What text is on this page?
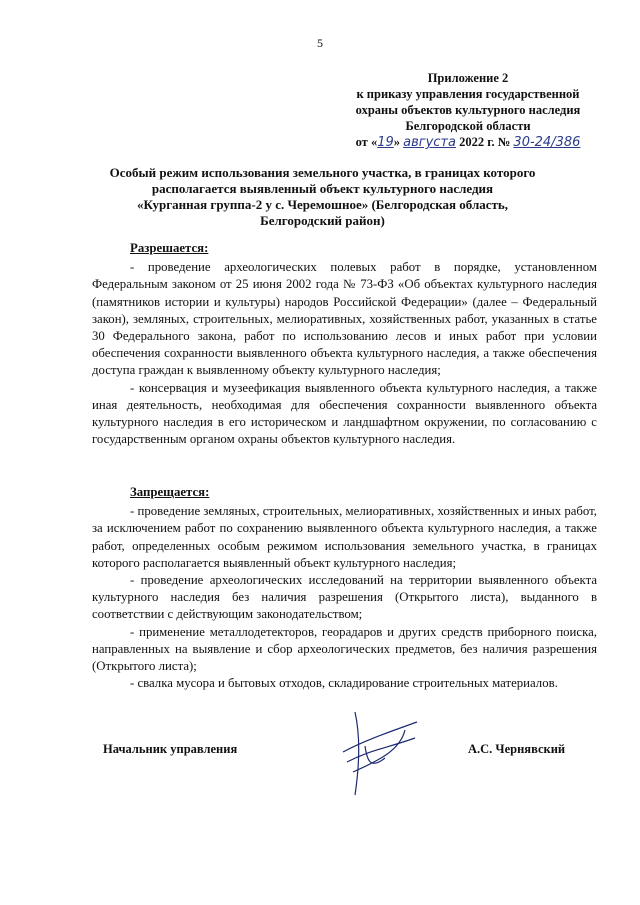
5
Приложение 2
к приказу управления государственной
охраны объектов культурного наследия
Белгородской области
от «19» августа 2022 г. № 30-24/386
Особый режим использования земельного участка, в границах которого
располагается выявленный объект культурного наследия
«Курганная группа-2 у с. Черемошное» (Белгородская область,
Белгородский район)
Разрешается:

- проведение археологических полевых работ в порядке, установленном Федеральным законом от 25 июня 2002 года № 73-ФЗ «Об объектах культурного наследия (памятников истории и культуры) народов Российской Федерации» (далее – Федеральный закон), земляных, строительных, мелиоративных, хозяйственных работ, указанных в статье 30 Федерального закона, работ по использованию лесов и иных работ при условии обеспечения сохранности выявленного объекта культурного наследия, а также обеспечения доступа граждан к выявленному объекту культурного наследия;

- консервация и музеефикация выявленного объекта культурного наследия, а также иная деятельность, необходимая для обеспечения сохранности выявленного объекта культурного наследия в его историческом и ландшафтном окружении, по согласованию с государственным органом охраны объектов культурного наследия.

Запрещается:

- проведение земляных, строительных, мелиоративных, хозяйственных и иных работ, за исключением работ по сохранению выявленного объекта культурного наследия, а также работ, определенных особым режимом использования земельного участка, в границах которого располагается выявленный объект культурного наследия;

- проведение археологических исследований на территории выявленного объекта культурного наследия без наличия разрешения (Открытого листа), выданного в соответствии с действующим законодательством;

- применение металлодетекторов, георадаров и других средств приборного поиска, направленных на выявление и сбор археологических предметов, без наличия разрешения (Открытого листа);

- свалка мусора и бытовых отходов, складирование строительных материалов.

Начальник управления	А.С. Чернявский
